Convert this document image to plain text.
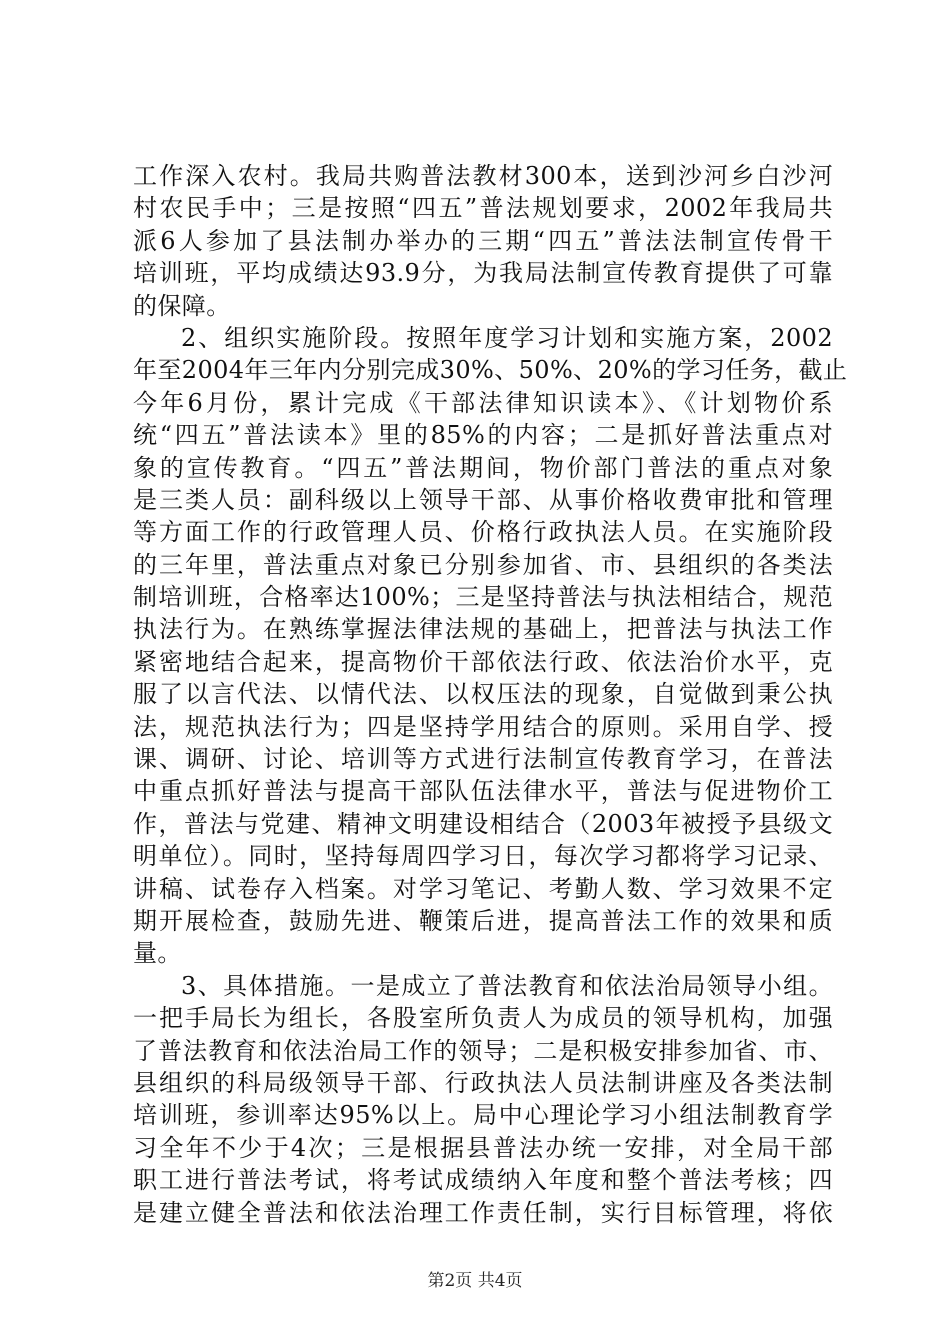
工作深入农村。我局共购普法教材300本，送到沙河乡白沙河
村农民手中；三是按照“四五”普法规划要求，2002年我局共
派6人参加了县法制办举办的三期“四五”普法法制宣传骨干
培训班，平均成绩达93.9分，为我局法制宣传教育提供了可靠
的保障。
2、组织实施阶段。按照年度学习计划和实施方案，2002
年至2004年三年内分别完成30%、50%、20%的学习任务，截止
今年6月份，累计完成《干部法律知识读本》、《计划物价系
统“四五”普法读本》里的85%的内容；二是抓好普法重点对
象的宣传教育。“四五”普法期间，物价部门普法的重点对象
是三类人员：副科级以上领导干部、从事价格收费审批和管理
等方面工作的行政管理人员、价格行政执法人员。在实施阶段
的三年里，普法重点对象已分别参加省、市、县组织的各类法
制培训班，合格率达100%；三是坚持普法与执法相结合，规范
执法行为。在熟练掌握法律法规的基础上，把普法与执法工作
紧密地结合起来，提高物价干部依法行政、依法治价水平，克
服了以言代法、以情代法、以权压法的现象，自觉做到秉公执
法，规范执法行为；四是坚持学用结合的原则。采用自学、授
课、调研、讨论、培训等方式进行法制宣传教育学习，在普法
中重点抓好普法与提高干部队伍法律水平，普法与促进物价工
作，普法与党建、精神文明建设相结合（2003年被授予县级文
明单位）。同时，坚持每周四学习日，每次学习都将学习记录、
讲稿、试卷存入档案。对学习笔记、考勤人数、学习效果不定
期开展检查，鼓励先进、鞭策后进，提高普法工作的效果和质
量。
3、具体措施。一是成立了普法教育和依法治局领导小组。
一把手局长为组长，各股室所负责人为成员的领导机构，加强
了普法教育和依法治局工作的领导；二是积极安排参加省、市、
县组织的科局级领导干部、行政执法人员法制讲座及各类法制
培训班，参训率达95%以上。局中心理论学习小组法制教育学
习全年不少于4次；三是根据县普法办统一安排，对全局干部
职工进行普法考试，将考试成绩纳入年度和整个普法考核；四
是建立健全普法和依法治理工作责任制，实行目标管理，将依
第2页 共4页
